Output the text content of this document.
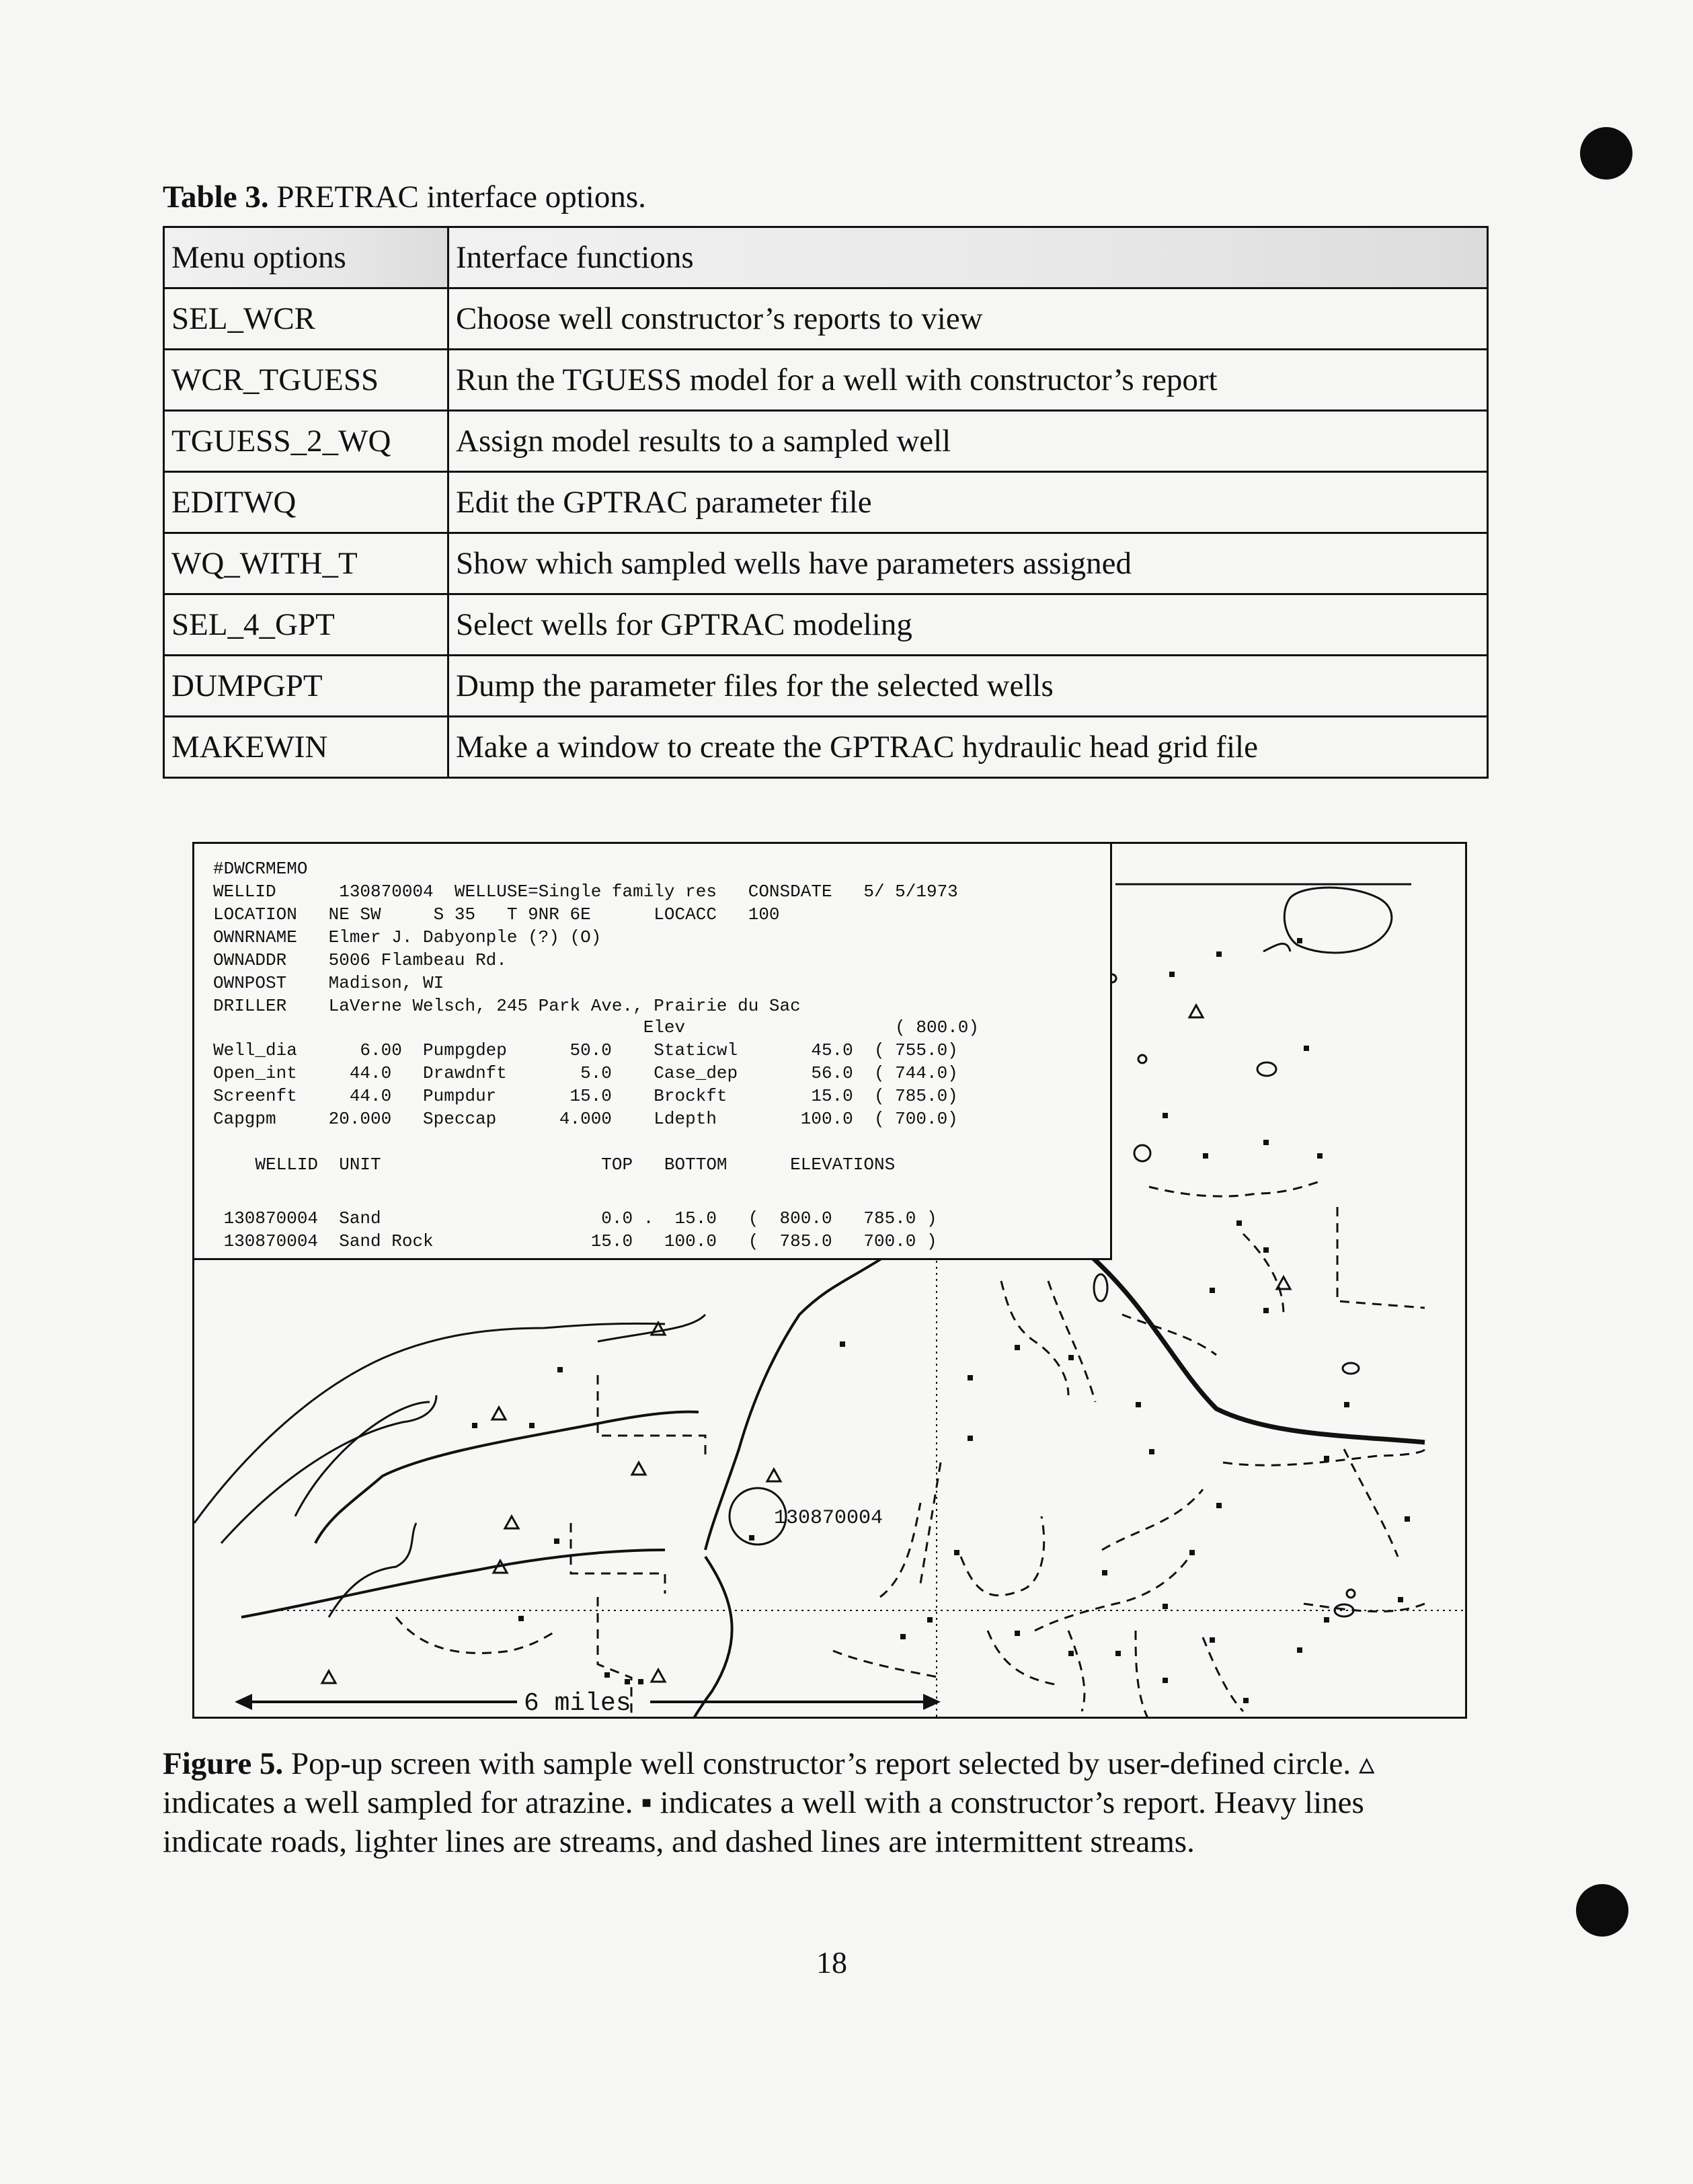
Table 3. PRETRAC interface options.
Menu options	Interface functions
SEL_WCR	Choose well constructor’s reports to view
WCR_TGUESS	Run the TGUESS model for a well with constructor’s report
TGUESS_2_WQ	Assign model results to a sampled well
EDITWQ	Edit the GPTRAC parameter file
WQ_WITH_T	Show which sampled wells have parameters assigned
SEL_4_GPT	Select wells for GPTRAC modeling
DUMPGPT	Dump the parameter files for the selected wells
MAKEWIN	Make a window to create the GPTRAC hydraulic head grid file
130870004
6 miles
#DWCRMEMO
WELLID      130870004  WELLUSE=Single family res   CONSDATE   5/ 5/1973
LOCATION   NE SW     S 35   T 9NR 6E      LOCACC   100
OWNRNAME   Elmer J. Dabyonple (?) (O)
OWNADDR    5006 Flambeau Rd.
OWNPOST    Madison, WI
DRILLER    LaVerne Welsch, 245 Park Ave., Prairie du Sac
Elev                    ( 800.0)
Well_dia      6.00  Pumpgdep      50.0    Staticwl       45.0  ( 755.0)
Open_int     44.0   Drawdnft       5.0    Case_dep       56.0  ( 744.0)
Screenft     44.0   Pumpdur       15.0    Brockft        15.0  ( 785.0)
Capgpm     20.000   Speccap      4.000    Ldepth        100.0  ( 700.0)
WELLID  UNIT                     TOP   BOTTOM      ELEVATIONS
130870004  Sand                     0.0 .  15.0   (  800.0   785.0 )
130870004  Sand Rock               15.0   100.0   (  785.0   700.0 )
Figure 5. Pop-up screen with sample well constructor’s report selected by user-defined circle. ▵ indicates a well sampled for atrazine. ▪ indicates a well with a constructor’s report. Heavy lines indicate roads, lighter lines are streams, and dashed lines are intermittent streams.
18
